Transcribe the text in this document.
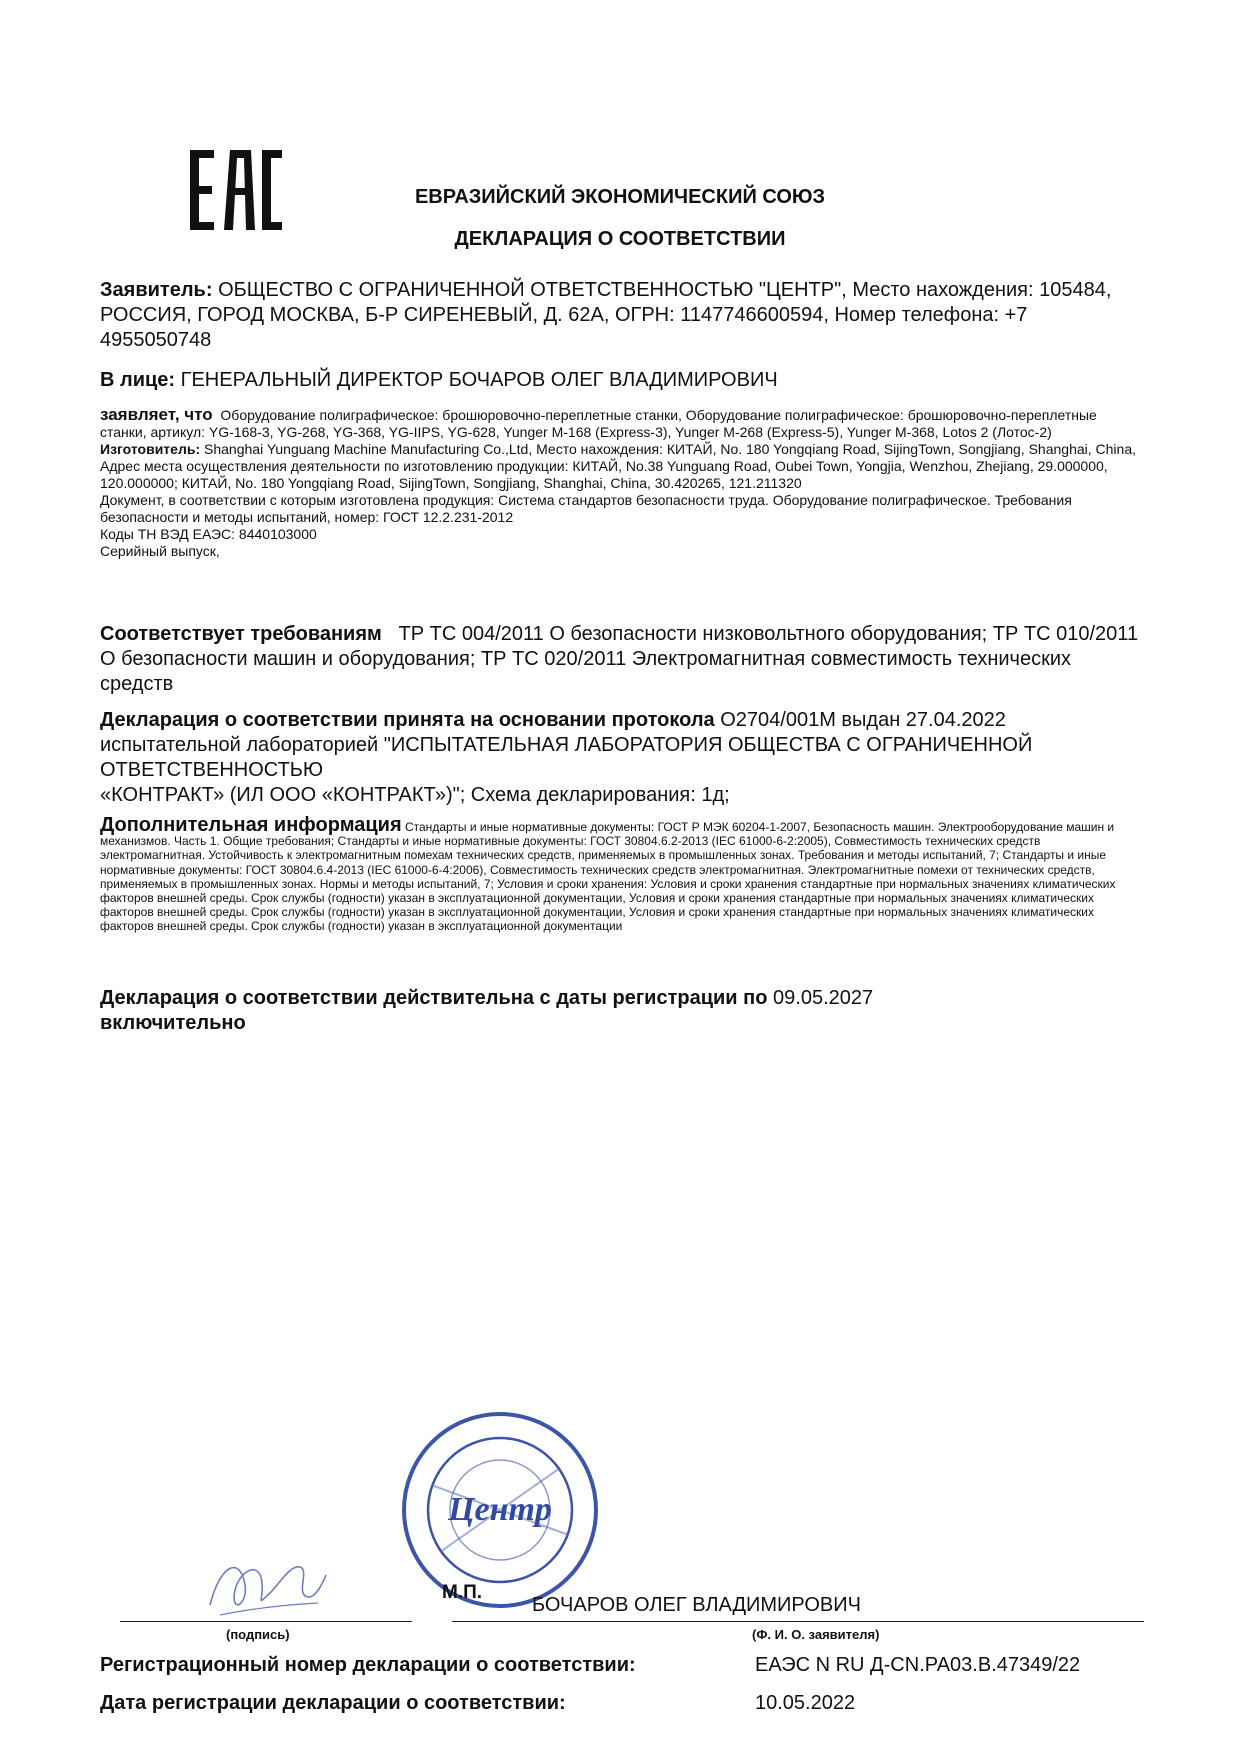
ЕВРАЗИЙСКИЙ ЭКОНОМИЧЕСКИЙ СОЮЗ
ДЕКЛАРАЦИЯ О СООТВЕТСТВИИ
Заявитель: ОБЩЕСТВО С ОГРАНИЧЕННОЙ ОТВЕТСТВЕННОСТЬЮ "ЦЕНТР", Место нахождения: 105484, РОССИЯ, ГОРОД МОСКВА, Б-Р СИРЕНЕВЫЙ, Д. 62А, ОГРН: 1147746600594, Номер телефона: +7 4955050748
В лице: ГЕНЕРАЛЬНЫЙ ДИРЕКТОР БОЧАРОВ ОЛЕГ ВЛАДИМИРОВИЧ
заявляет, что Оборудование полиграфическое: брошюровочно-переплетные станки, Оборудование полиграфическое: брошюровочно-переплетные станки, артикул: YG-168-3, YG-268, YG-368, YG-IIPS, YG-628, Yunger M-168 (Express-3), Yunger M-268 (Express-5), Yunger M-368, Lotos 2 (Лотос-2)
Изготовитель: Shanghai Yunguang Machine Manufacturing Co.,Ltd, Место нахождения: КИТАЙ, No. 180 Yongqiang Road, SijingTown, Songjiang, Shanghai, China, Адрес места осуществления деятельности по изготовлению продукции: КИТАЙ, No.38 Yunguang Road, Oubei Town, Yongjia, Wenzhou, Zhejiang, 29.000000, 120.000000; КИТАЙ, No. 180 Yongqiang Road, SijingTown, Songjiang, Shanghai, China, 30.420265, 121.211320
Документ, в соответствии с которым изготовлена продукция: Система стандартов безопасности труда. Оборудование полиграфическое. Требования безопасности и методы испытаний, номер: ГОСТ 12.2.231-2012
Коды ТН ВЭД ЕАЭС: 8440103000
Серийный выпуск,
Соответствует требованиям ТР ТС 004/2011 О безопасности низковольтного оборудования; ТР ТС 010/2011 О безопасности машин и оборудования; ТР ТС 020/2011 Электромагнитная совместимость технических средств
Декларация о соответствии принята на основании протокола О2704/001М выдан 27.04.2022 испытательной лабораторией "ИСПЫТАТЕЛЬНАЯ ЛАБОРАТОРИЯ ОБЩЕСТВА С ОГРАНИЧЕННОЙ ОТВЕТСТВЕННОСТЬЮ
«КОНТРАКТ» (ИЛ ООО «КОНТРАКТ»)"; Схема декларирования: 1д;
Дополнительная информация Стандарты и иные нормативные документы: ГОСТ Р МЭК 60204-1-2007, Безопасность машин. Электрооборудование машин и механизмов. Часть 1. Общие требования; Стандарты и иные нормативные документы: ГОСТ 30804.6.2-2013 (IEC 61000-6-2:2005), Совместимость технических средств электромагнитная. Устойчивость к электромагнитным помехам технических средств, применяемых в промышленных зонах. Требования и методы испытаний, 7; Стандарты и иные нормативные документы: ГОСТ 30804.6.4-2013 (IEC 61000-6-4:2006), Совместимость технических средств электромагнитная. Электромагнитные помехи от технических средств, применяемых в промышленных зонах. Нормы и методы испытаний, 7; Условия и сроки хранения: Условия и сроки хранения стандартные при нормальных значениях климатических факторов внешней среды. Срок службы (годности) указан в эксплуатационной документации, Условия и сроки хранения стандартные при нормальных значениях климатических факторов внешней среды. Срок службы (годности) указан в эксплуатационной документации, Условия и сроки хранения стандартные при нормальных значениях климатических факторов внешней среды. Срок службы (годности) указан в эксплуатационной документации
Декларация о соответствии действительна с даты регистрации по 09.05.2027
включительно
Центр
М.П.
БОЧАРОВ ОЛЕГ ВЛАДИМИРОВИЧ
(подпись)	(Ф. И. О. заявителя)
Регистрационный номер декларации о соответствии:	ЕАЭС N RU Д-CN.РА03.В.47349/22
Дата регистрации декларации о соответствии:	10.05.2022
